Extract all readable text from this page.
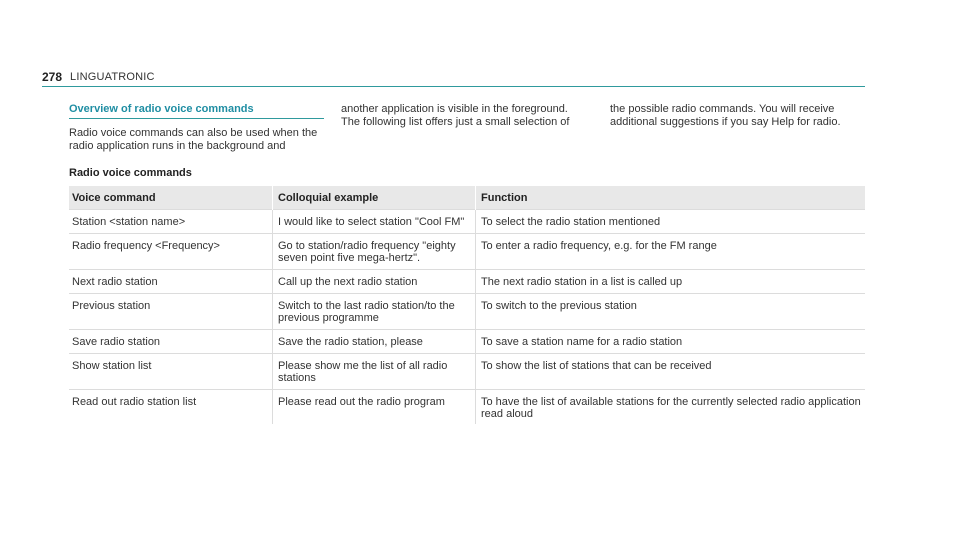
278 LINGUATRONIC
Overview of radio voice commands
Radio voice commands can also be used when the radio application runs in the background and
another application is visible in the foreground. The following list offers just a small selection of
the possible radio commands. You will receive additional suggestions if you say Help for radio.
Radio voice commands
Voice command	Colloquial example	Function
Station <station name>	I would like to select station "Cool FM"	To select the radio station mentioned
Radio frequency <Frequency>	Go to station/radio frequency "eighty seven point five mega-hertz".	To enter a radio frequency, e.g. for the FM range
Next radio station	Call up the next radio station	The next radio station in a list is called up
Previous station	Switch to the last radio station/to the previous programme	To switch to the previous station
Save radio station	Save the radio station, please	To save a station name for a radio station
Show station list	Please show me the list of all radio stations	To show the list of stations that can be received
Read out radio station list	Please read out the radio program	To have the list of available stations for the currently selected radio application read aloud
